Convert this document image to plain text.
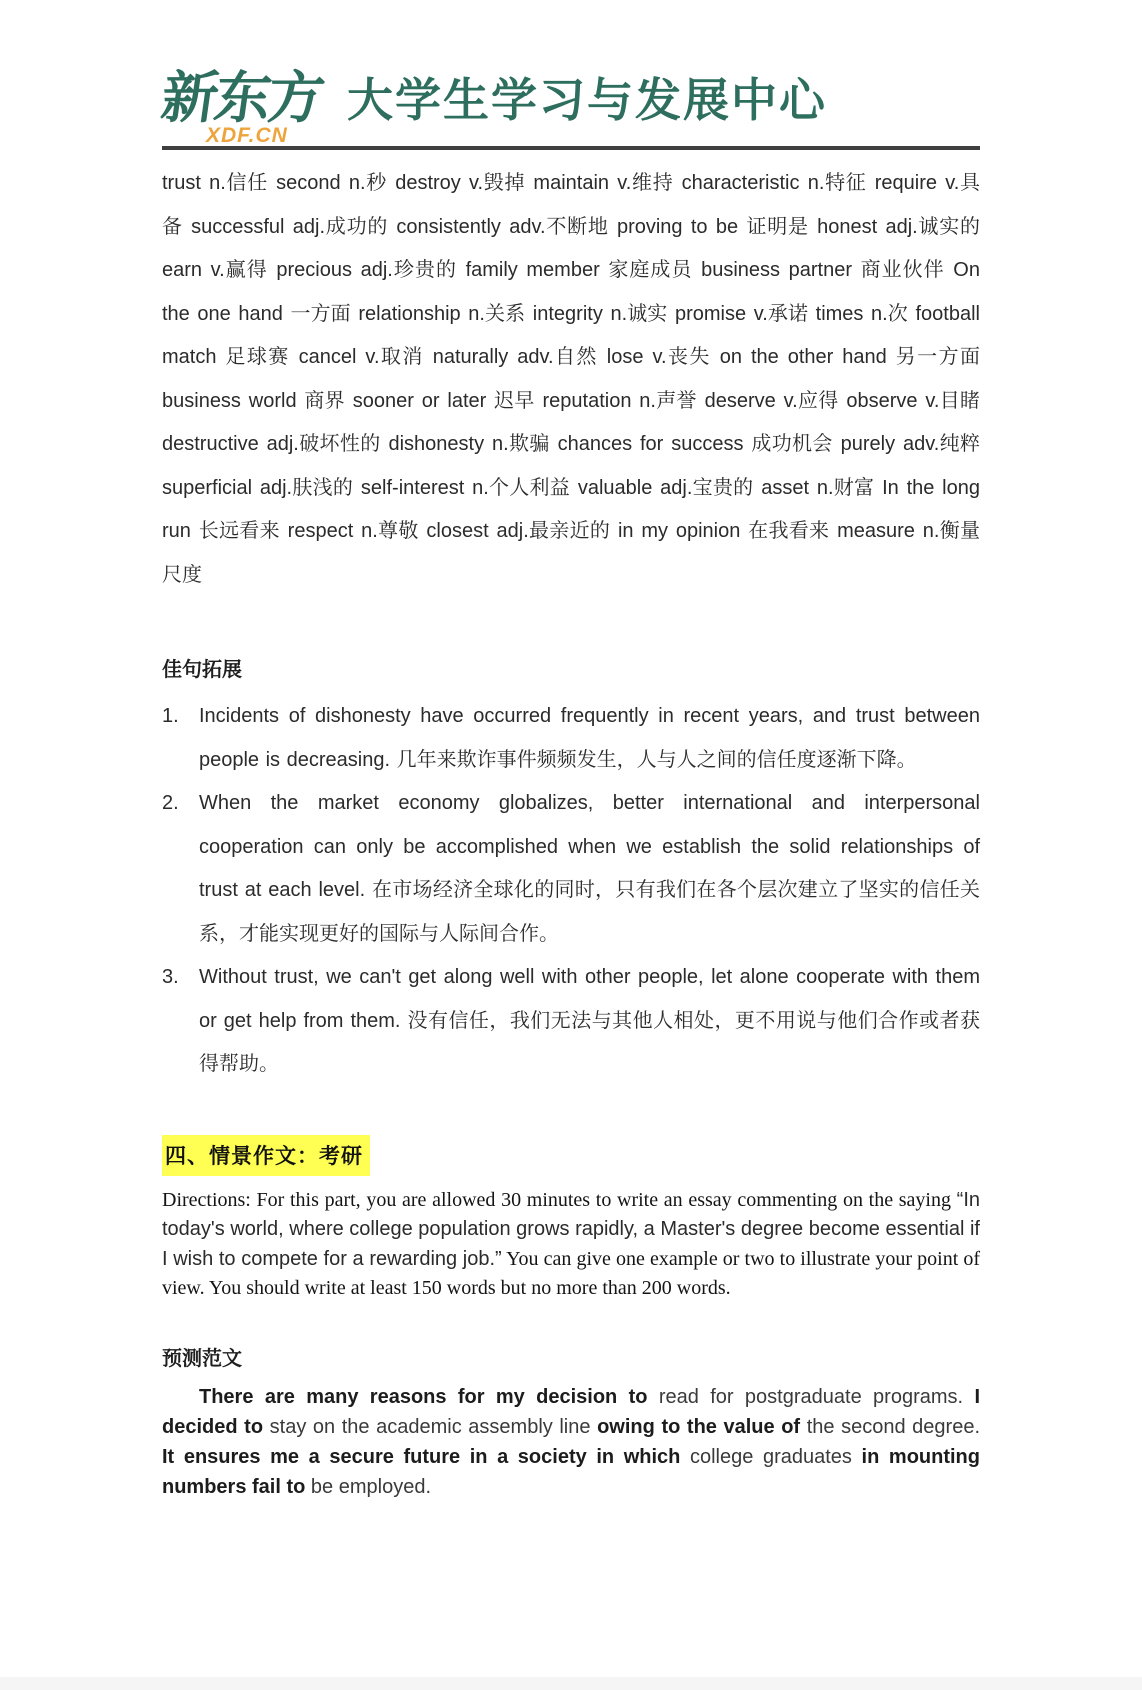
新东方
XDF.CN
大学生学习与发展中心

trust n.信任 second n.秒 destroy v.毁掉 maintain v.维持 characteristic n.特征 require v.具备 successful adj.成功的 consistently adv.不断地 proving to be 证明是 honest adj.诚实的 earn v.赢得 precious adj.珍贵的 family member 家庭成员 business partner 商业伙伴 On the one hand 一方面 relationship n.关系 integrity n.诚实 promise v.承诺 times n.次 football match 足球赛 cancel v.取消 naturally adv.自然 lose v.丧失 on the other hand 另一方面 business world 商界 sooner or later 迟早 reputation n.声誉 deserve v.应得 observe v.目睹 destructive adj.破坏性的 dishonesty n.欺骗 chances for success 成功机会 purely adv.纯粹 superficial adj.肤浅的 self-interest n.个人利益 valuable adj.宝贵的 asset n.财富 In the long run 长远看来 respect n.尊敬 closest adj.最亲近的 in my opinion 在我看来 measure n.衡量尺度

佳句拓展
1.	Incidents of dishonesty have occurred frequently in recent years, and trust between people is decreasing. 几年来欺诈事件频频发生，人与人之间的信任度逐渐下降。
2.	When the market economy globalizes, better international and interpersonal cooperation can only be accomplished when we establish the solid relationships of trust at each level. 在市场经济全球化的同时，只有我们在各个层次建立了坚实的信任关系，才能实现更好的国际与人际间合作。
3.	Without trust, we can't get along well with other people, let alone cooperate with them or get help from them. 没有信任，我们无法与其他人相处，更不用说与他们合作或者获得帮助。
四、情景作文：考研

Directions: For this part, you are allowed 30 minutes to write an essay commenting on the saying “In today's world, where college population grows rapidly, a Master's degree become essential if I wish to compete for a rewarding job.” You can give one example or two to illustrate your point of view. You should write at least 150 words but no more than 200 words.

预测范文

There are many reasons for my decision to read for postgraduate programs. I decided to stay on the academic assembly line owing to the value of the second degree. It ensures me a secure future in a society in which college graduates in mounting numbers fail to be employed.
